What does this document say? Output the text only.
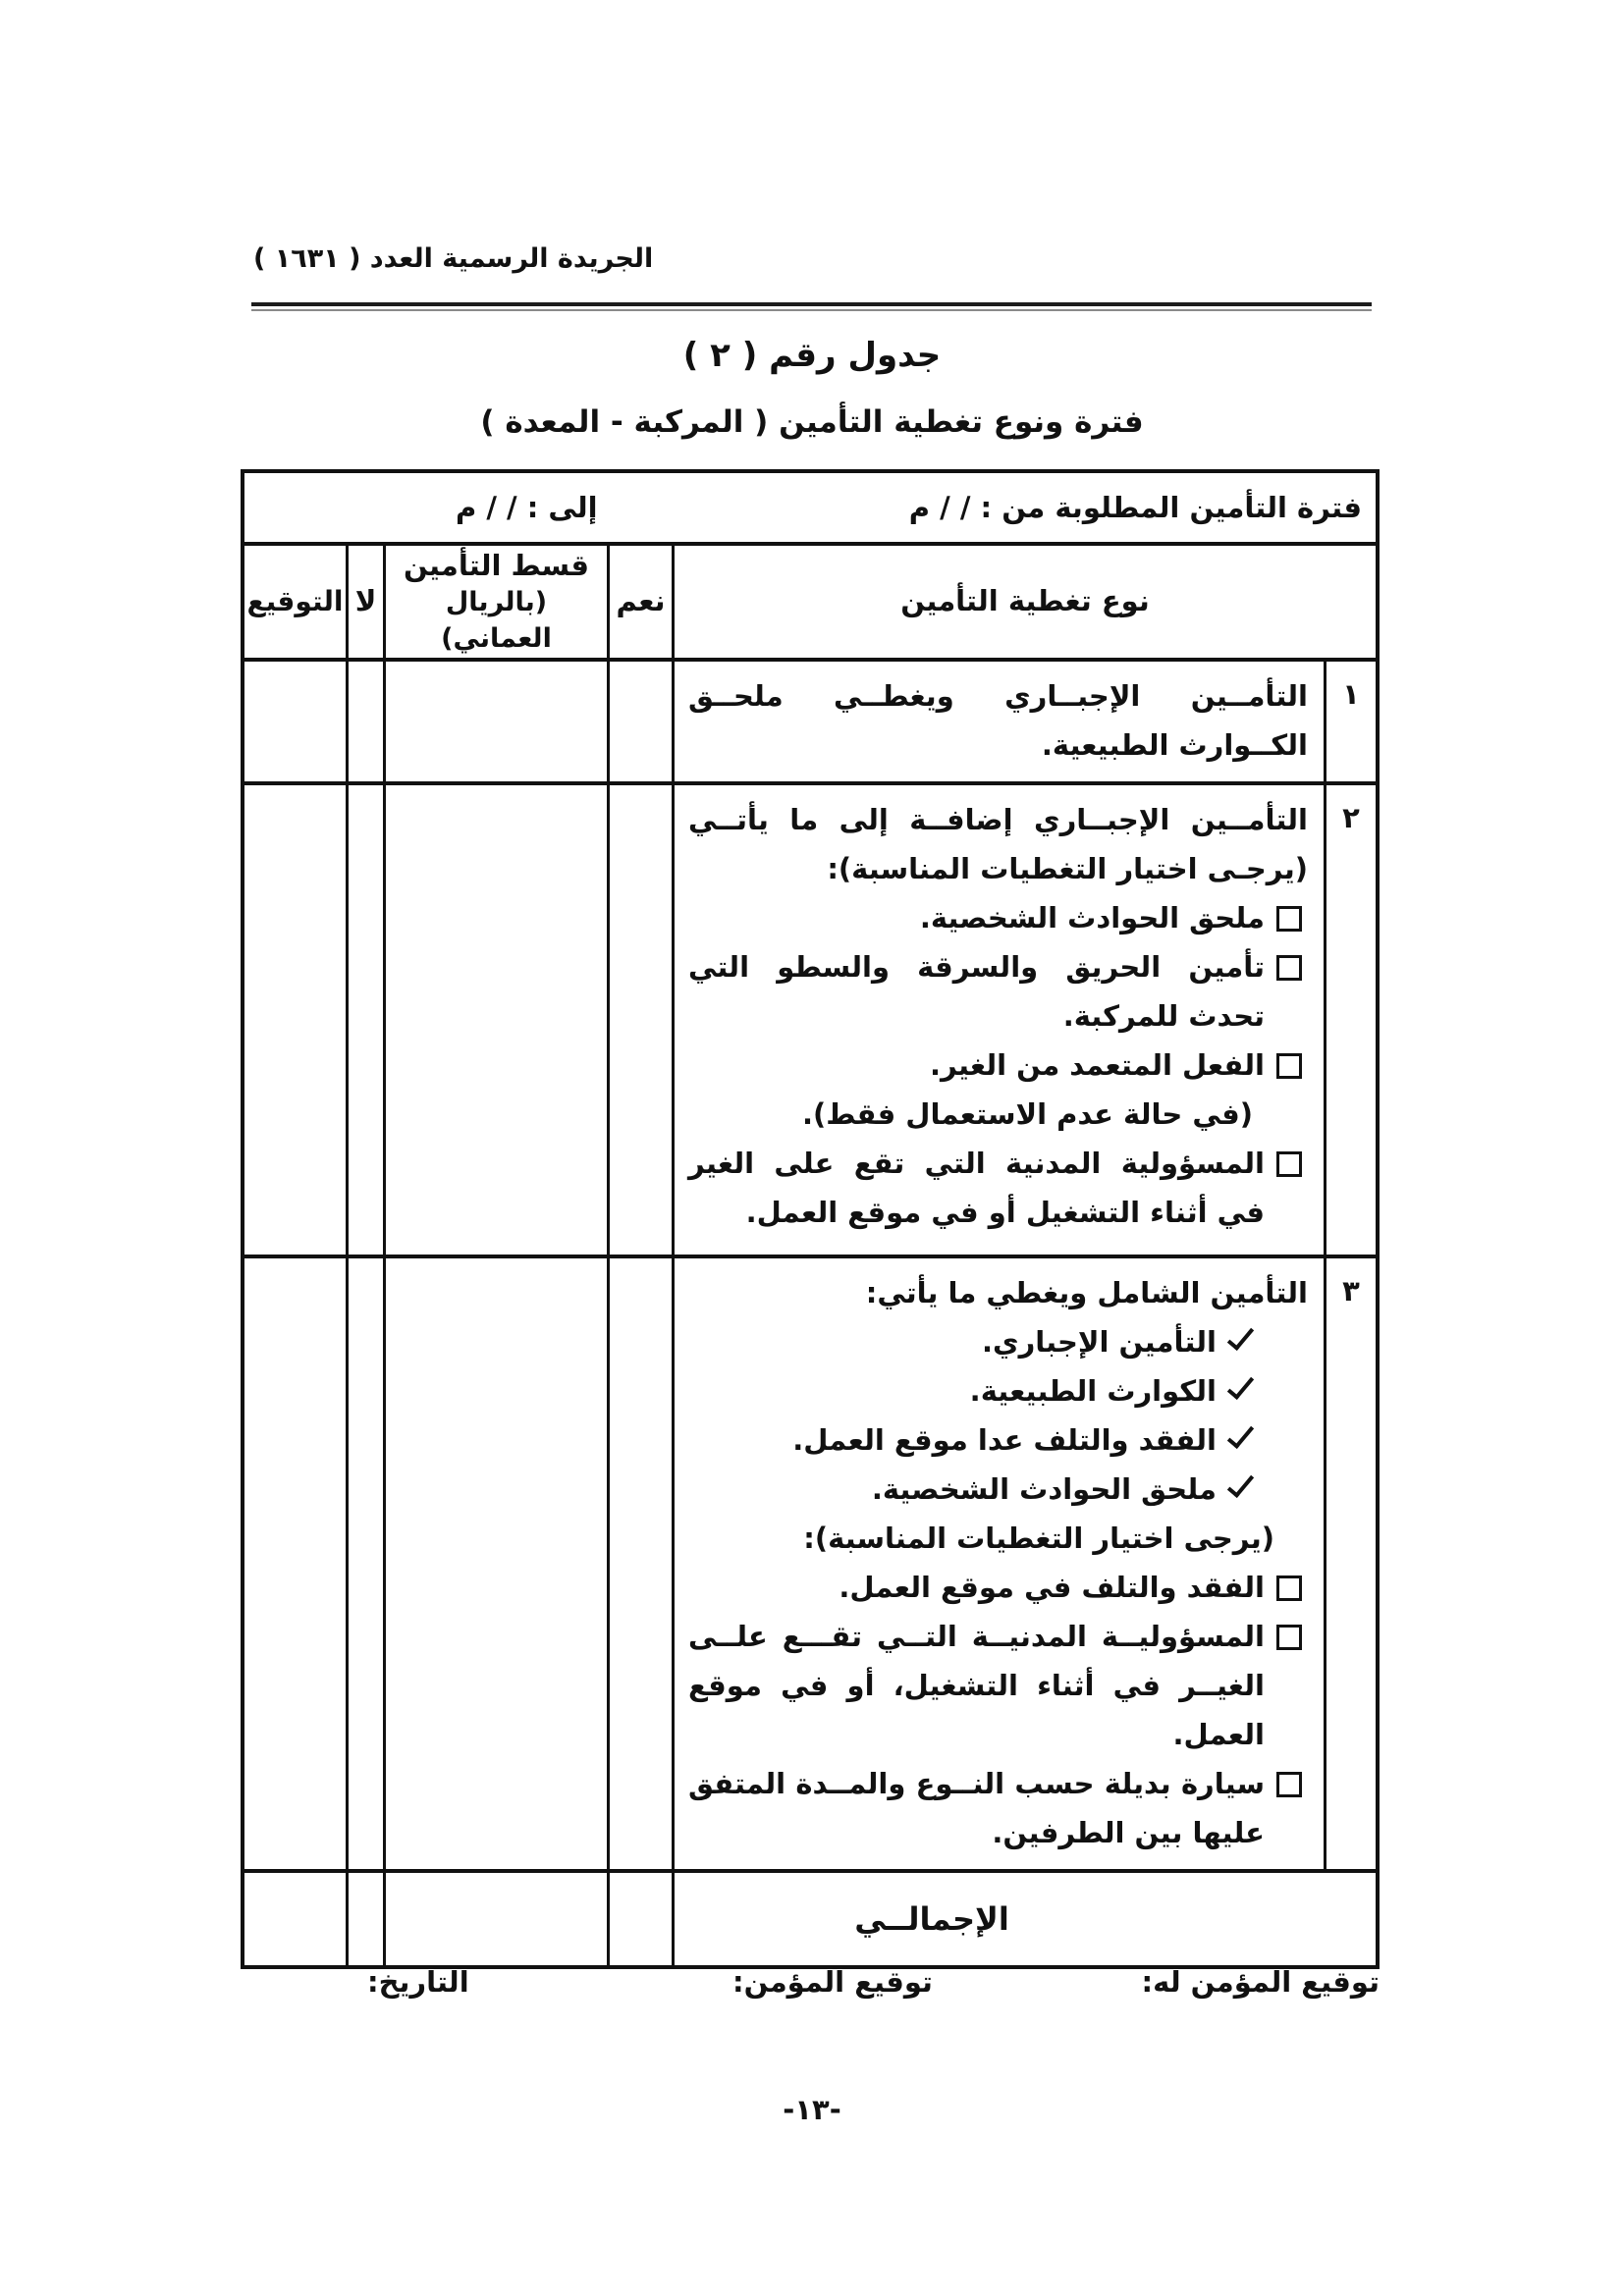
الجريدة الرسمية العدد ( ١٦٣١ )
جدول رقم ( ٢ )
فترة ونوع تغطية التأمين ( المركبة - المعدة )
فترة التأمين المطلوبة من : / / م
إلى : / / م
نوع تغطية التأمين
نعم
قسط التأمين
(بالريال العماني)
لا
التوقيع
١
التأمــين الإجبــاري ويغطــي ملحــق الكــوارث الطبيعية.
٢
التأمــين الإجبــاري إضافــة إلى ما يأتــي (يرجـى اختيار التغطيات المناسبة):
ملحق الحوادث الشخصية.
تأمين الحريق والسرقة والسطو التي تحدث للمركبة.
الفعل المتعمد من الغير.
(في حالة عدم الاستعمال فقط).
المسؤولية المدنية التي تقع على الغير في أثناء التشغيل أو في موقع العمل.
٣
التأمين الشامل ويغطي ما يأتي:
التأمين الإجباري.
الكوارث الطبيعية.
الفقد والتلف عدا موقع العمل.
ملحق الحوادث الشخصية.
(يرجى اختيار التغطيات المناسبة):
الفقد والتلف في موقع العمل.
المسؤوليــة المدنيــة التــي تقـــع علــى الغيــر في أثناء التشغيل، أو في موقع العمل.
سيارة بديلة حسب النــوع والمــدة المتفق عليها بين الطرفين.
الإجمالــي
توقيع المؤمن له:
توقيع المؤمن:
التاريخ:
-١٣-
